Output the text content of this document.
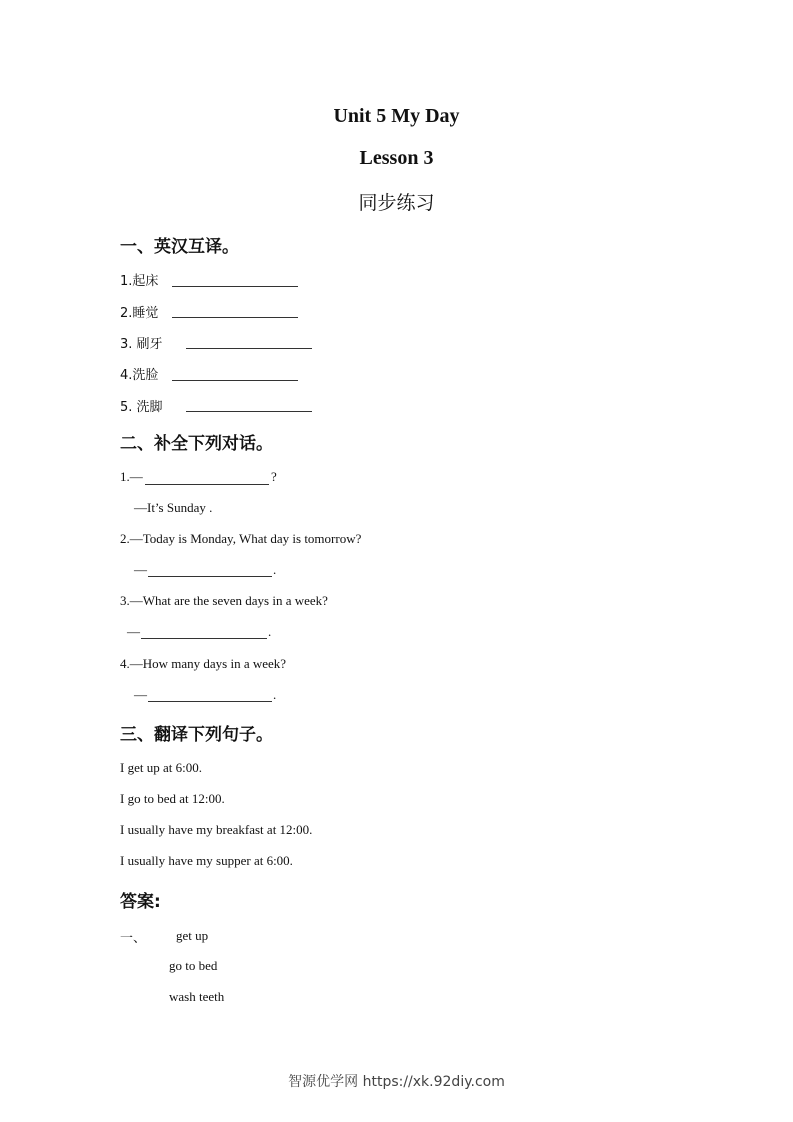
Unit 5 My Day
Lesson 3
同步练习
一、英汉互译。
1.起床
2.睡觉
3. 刷牙
4.洗脸
5. 洗脚
二、补全下列对话。
1.—	?
—It’s Sunday .
2.—Today is Monday, What day is tomorrow?
—	.
3.—What are the seven days in a week?
—	.
4.—How many days in a week?
—	.
三、翻译下列句子。
I get up at 6:00.
I go to bed at 12:00.
I usually have my breakfast at 12:00.
I usually have my supper at 6:00.
答案:
一、 get up
go to bed
wash teeth
智源优学网 https://xk.92diy.com
